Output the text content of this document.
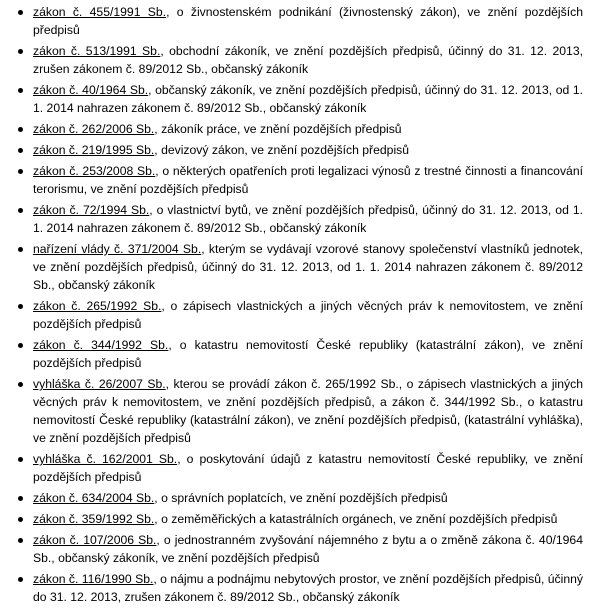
zákon č. 455/1991 Sb., o živnostenském podnikání (živnostenský zákon), ve znění pozdějších předpisů
zákon č. 513/1991 Sb., obchodní zákoník, ve znění pozdějších předpisů, účinný do 31. 12. 2013, zrušen zákonem č. 89/2012 Sb., občanský zákoník
zákon č. 40/1964 Sb., občanský zákoník, ve znění pozdějších předpisů, účinný do 31. 12. 2013, od 1. 1. 2014 nahrazen zákonem č. 89/2012 Sb., občanský zákoník
zákon č. 262/2006 Sb., zákoník práce, ve znění pozdějších předpisů
zákon č. 219/1995 Sb., devizový zákon, ve znění pozdějších předpisů
zákon č. 253/2008 Sb., o některých opatřeních proti legalizaci výnosů z trestné činnosti a financování terorismu, ve znění pozdějších předpisů
zákon č. 72/1994 Sb., o vlastnictví bytů, ve znění pozdějších předpisů, účinný do 31. 12. 2013, od 1. 1. 2014 nahrazen zákonem č. 89/2012 Sb., občanský zákoník
nařízení vlády č. 371/2004 Sb., kterým se vydávají vzorové stanovy společenství vlastníků jednotek, ve znění pozdějších předpisů, účinný do 31. 12. 2013, od 1. 1. 2014 nahrazen zákonem č. 89/2012 Sb., občanský zákoník
zákon č. 265/1992 Sb., o zápisech vlastnických a jiných věcných práv k nemovitostem, ve znění pozdějších předpisů
zákon č. 344/1992 Sb., o katastru nemovitostí České republiky (katastrální zákon), ve znění pozdějších předpisů
vyhláška č. 26/2007 Sb., kterou se provádí zákon č. 265/1992 Sb., o zápisech vlastnických a jiných věcných práv k nemovitostem, ve znění pozdějších předpisů, a zákon č. 344/1992 Sb., o katastru nemovitostí České republiky (katastrální zákon), ve znění pozdějších předpisů, (katastrální vyhláška), ve znění pozdějších předpisů
vyhláška č. 162/2001 Sb., o poskytování údajů z katastru nemovitostí České republiky, ve znění pozdějších předpisů
zákon č. 634/2004 Sb., o správních poplatcích, ve znění pozdějších předpisů
zákon č. 359/1992 Sb., o zeměměřických a katastrálních orgánech, ve znění pozdějších předpisů
zákon č. 107/2006 Sb., o jednostranném zvyšování nájemného z bytu a o změně zákona č. 40/1964 Sb., občanský zákoník, ve znění pozdějších předpisů
zákon č. 116/1990 Sb., o nájmu a podnájmu nebytových prostor, ve znění pozdějších předpisů, účinný do 31. 12. 2013, zrušen zákonem č. 89/2012 Sb., občanský zákoník
